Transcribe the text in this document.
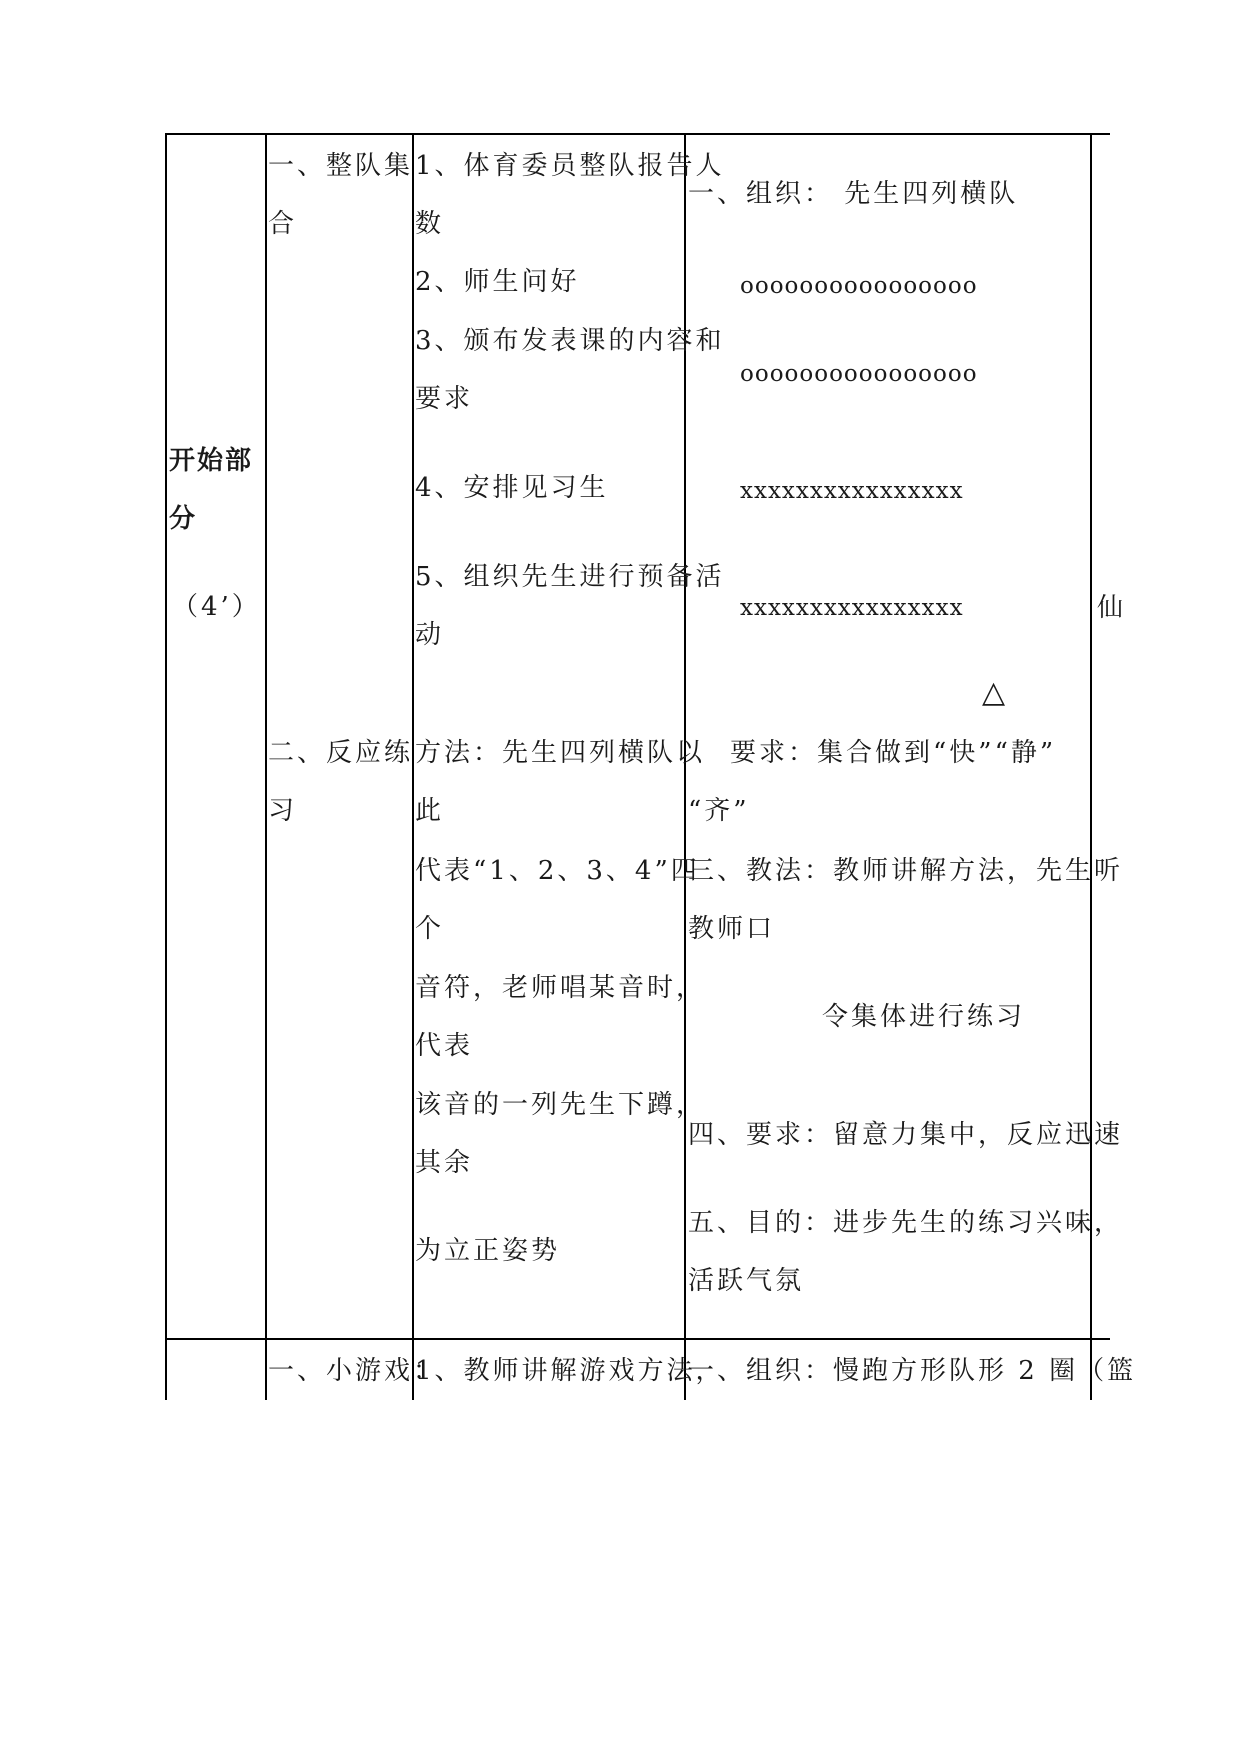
开始部
分
（4’）
一、整队集
合
二、反应练
习
1、体育委员整队报告人
数
2、师生问好
3、颁布发表课的内容和
要求
4、安排见习生
5、组织先生进行预备活
动
方法：先生四列横队以
此
代表“1、2、3、4”四
个
音符，老师唱某音时，
代表
该音的一列先生下蹲，
其余
为立正姿势
一、组织： 先生四列横队
oooooooooooooooo
oooooooooooooooo
xxxxxxxxxxxxxxxx
xxxxxxxxxxxxxxxx
△
要求：集合做到“快”“静”
“齐”
三、教法：教师讲解方法，先生听
教师口
令集体进行练习
四、要求：留意力集中，反应迅速
五、目的：进步先生的练习兴味，
活跃气氛
仙
一、小游戏：
1、教师讲解游戏方法，
一、组织：慢跑方形队形 2 圈（篮
